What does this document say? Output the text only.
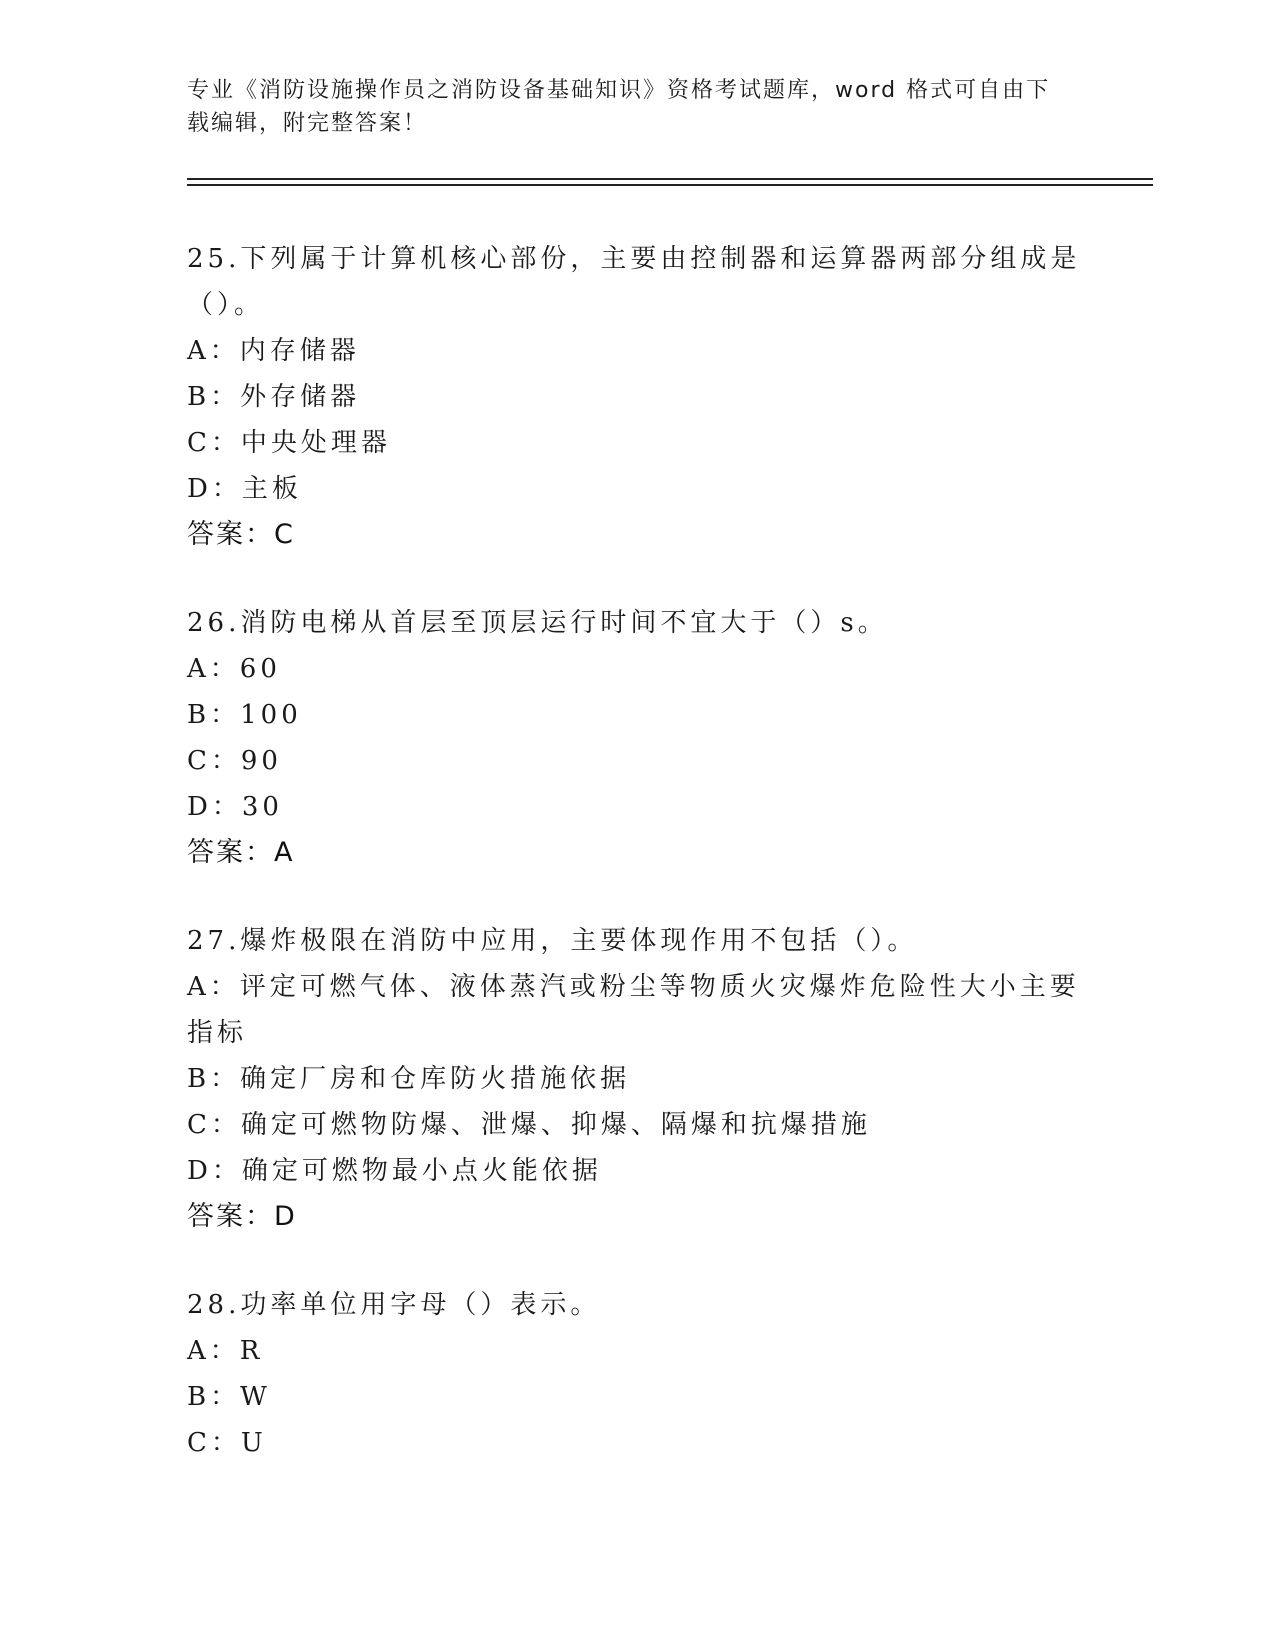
专业《消防设施操作员之消防设备基础知识》资格考试题库，word 格式可自由下
载编辑，附完整答案！

25.下列属于计算机核心部份，主要由控制器和运算器两部分组成是（）。

A：内存储器

B：外存储器

C：中央处理器

D：主板

答案：C

26.消防电梯从首层至顶层运行时间不宜大于（）s。

A：60

B：100

C：90

D：30

答案：A

27.爆炸极限在消防中应用，主要体现作用不包括（）。

A：评定可燃气体、液体蒸汽或粉尘等物质火灾爆炸危险性大小主要指标

B：确定厂房和仓库防火措施依据

C：确定可燃物防爆、泄爆、抑爆、隔爆和抗爆措施

D：确定可燃物最小点火能依据

答案：D

28.功率单位用字母（）表示。

A：R

B：W

C：U
